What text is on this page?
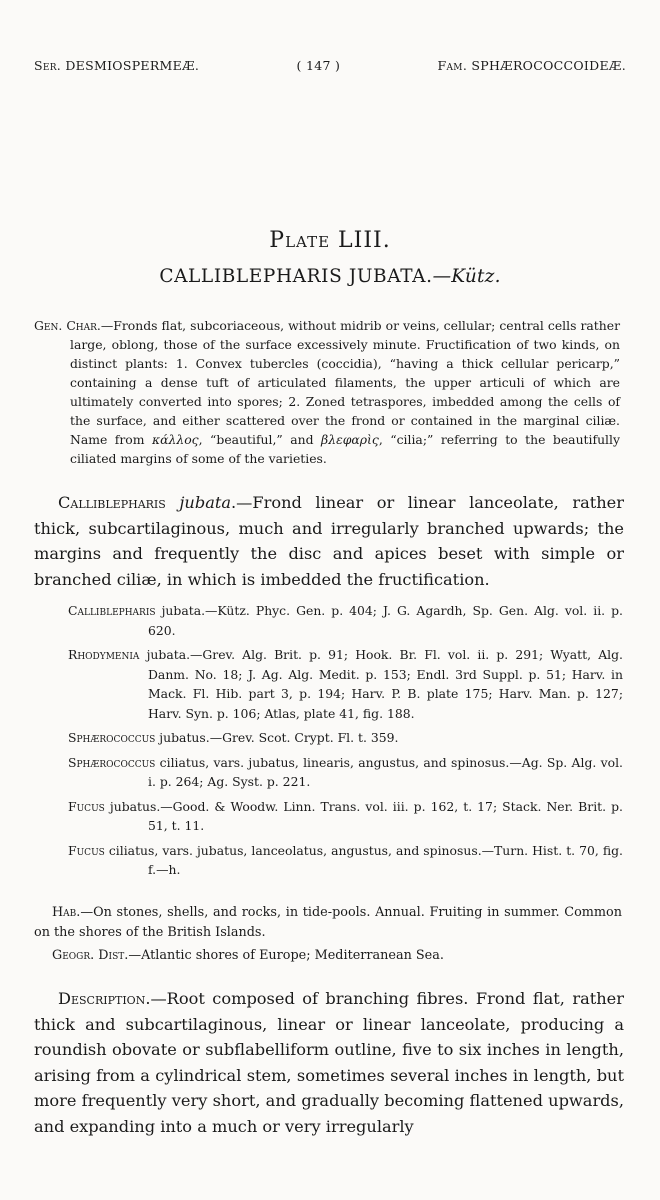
Ser. DESMIOSPERMEÆ.	( 147 )	Fam. SPHÆROCOCCOIDEÆ.
Plate LIII.
CALLIBLEPHARIS JUBATA.—Kütz.
Gen. Char.—Fronds flat, subcoriaceous, without midrib or veins, cellular; central cells rather large, oblong, those of the surface excessively minute. Fructification of two kinds, on distinct plants: 1. Convex tubercles (coccidia), “having a thick cellular pericarp,” containing a dense tuft of articulated filaments, the upper articuli of which are ultimately converted into spores; 2. Zoned tetraspores, imbedded among the cells of the surface, and either scattered over the frond or contained in the marginal ciliæ. Name from κάλλος, “beautiful,” and βλεφαρὶς, “cilia;” referring to the beautifully ciliated margins of some of the varieties.

Calliblepharis jubata.—Frond linear or linear lanceolate, rather thick, subcartilaginous, much and irregularly branched upwards; the margins and frequently the disc and apices beset with simple or branched ciliæ, in which is imbedded the fructification.

Calliblepharis jubata.—Kütz. Phyc. Gen. p. 404; J. G. Agardh, Sp. Gen. Alg. vol. ii. p. 620.
Rhodymenia jubata.—Grev. Alg. Brit. p. 91; Hook. Br. Fl. vol. ii. p. 291; Wyatt, Alg. Danm. No. 18; J. Ag. Alg. Medit. p. 153; Endl. 3rd Suppl. p. 51; Harv. in Mack. Fl. Hib. part 3, p. 194; Harv. P. B. plate 175; Harv. Man. p. 127; Harv. Syn. p. 106; Atlas, plate 41, fig. 188.
Sphærococcus jubatus.—Grev. Scot. Crypt. Fl. t. 359.
Sphærococcus ciliatus, vars. jubatus, linearis, angustus, and spinosus.—Ag. Sp. Alg. vol. i. p. 264; Ag. Syst. p. 221.
Fucus jubatus.—Good. & Woodw. Linn. Trans. vol. iii. p. 162, t. 17; Stack. Ner. Brit. p. 51, t. 11.
Fucus ciliatus, vars. jubatus, lanceolatus, angustus, and spinosus.—Turn. Hist. t. 70, fig. f.—h.

Hab.—On stones, shells, and rocks, in tide-pools. Annual. Fruiting in summer. Common on the shores of the British Islands.

Geogr. Dist.—Atlantic shores of Europe; Mediterranean Sea.

Description.—Root composed of branching fibres. Frond flat, rather thick and subcartilaginous, linear or linear lanceolate, producing a roundish obovate or subflabelliform outline, five to six inches in length, arising from a cylindrical stem, sometimes several inches in length, but more frequently very short, and gradually becoming flattened upwards, and expanding into a much or very irregularly
